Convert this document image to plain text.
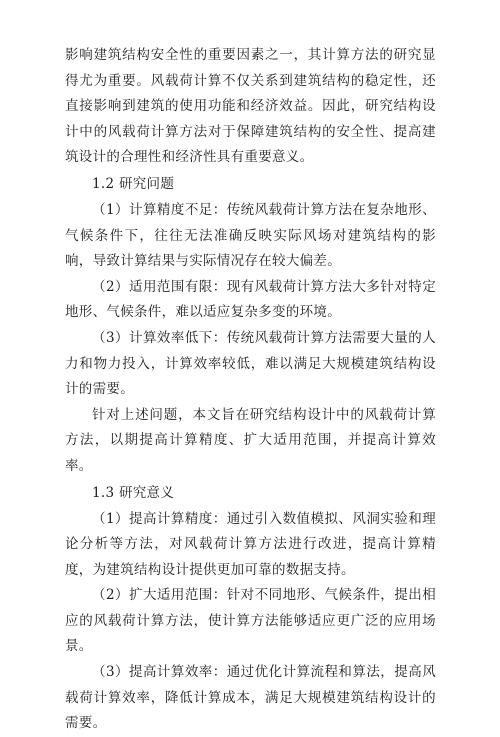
影响建筑结构安全性的重要因素之一，其计算方法的研究显得尤为重要。风载荷计算不仅关系到建筑结构的稳定性，还直接影响到建筑的使用功能和经济效益。因此，研究结构设计中的风载荷计算方法对于保障建筑结构的安全性、提高建筑设计的合理性和经济性具有重要意义。

1.2 研究问题

（1）计算精度不足：传统风载荷计算方法在复杂地形、气候条件下，往往无法准确反映实际风场对建筑结构的影响，导致计算结果与实际情况存在较大偏差。

（2）适用范围有限：现有风载荷计算方法大多针对特定地形、气候条件，难以适应复杂多变的环境。

（3）计算效率低下：传统风载荷计算方法需要大量的人力和物力投入，计算效率较低，难以满足大规模建筑结构设计的需要。

针对上述问题，本文旨在研究结构设计中的风载荷计算方法，以期提高计算精度、扩大适用范围，并提高计算效率。

1.3 研究意义

（1）提高计算精度：通过引入数值模拟、风洞实验和理论分析等方法，对风载荷计算方法进行改进，提高计算精度，为建筑结构设计提供更加可靠的数据支持。

（2）扩大适用范围：针对不同地形、气候条件，提出相应的风载荷计算方法，使计算方法能够适应更广泛的应用场景。

（3）提高计算效率：通过优化计算流程和算法，提高风载荷计算效率，降低计算成本，满足大规模建筑结构设计的需要。
